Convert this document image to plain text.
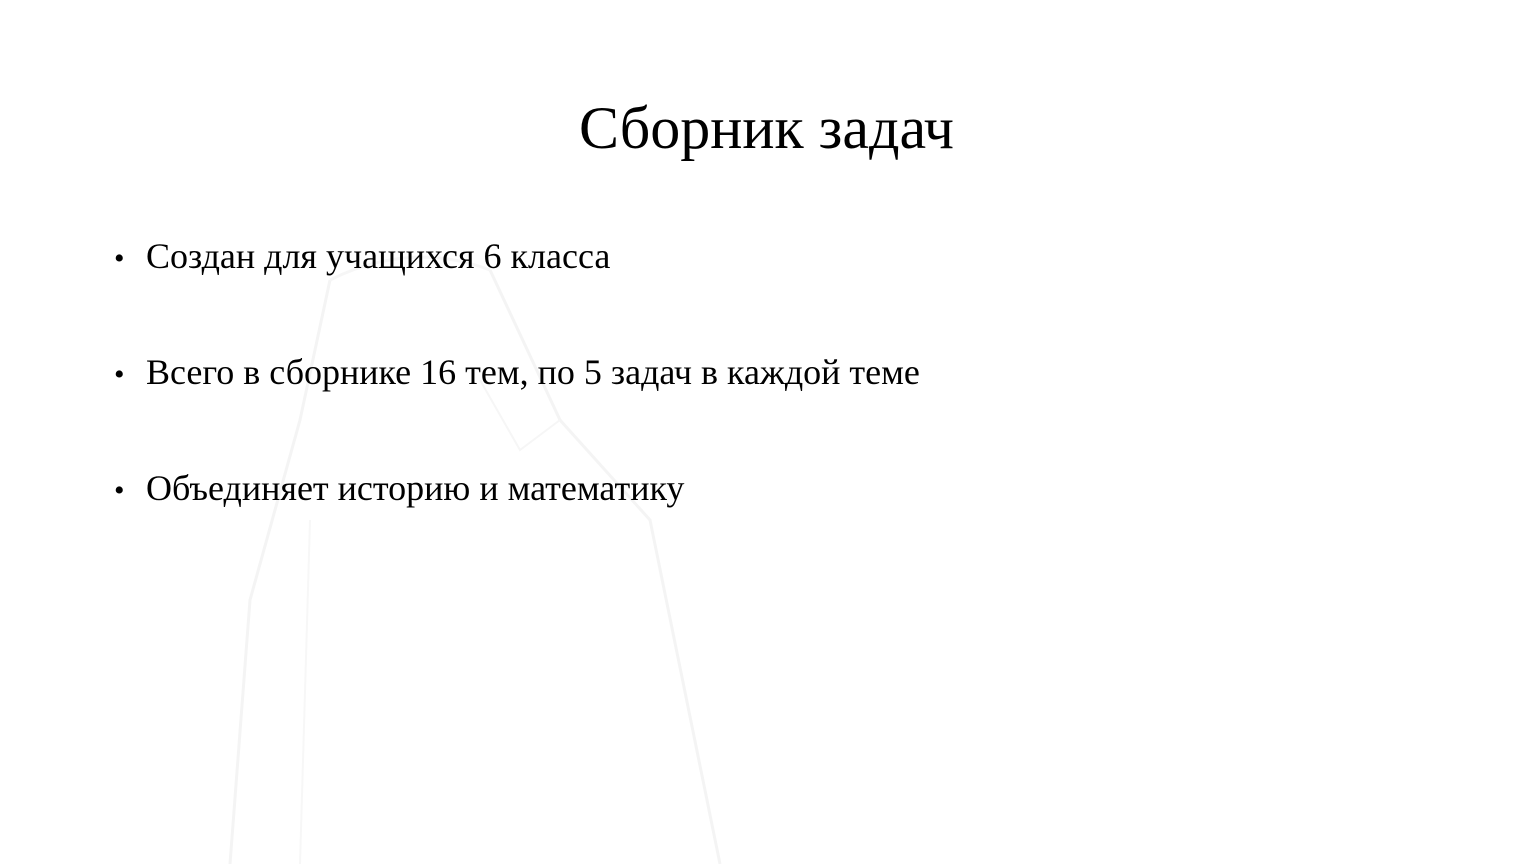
Сборник задач
• Создан для учащихся 6 класса
• Всего в сборнике 16 тем, по 5 задач в каждой теме
• Объединяет историю и математику
